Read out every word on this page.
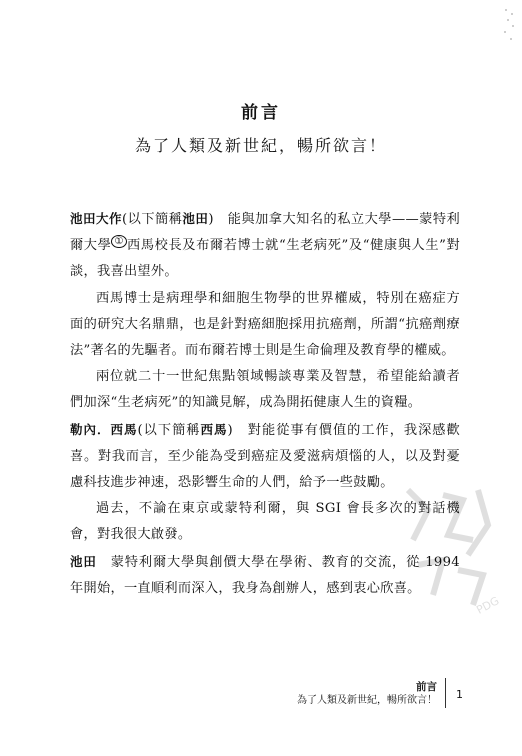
前言
為了人類及新世紀，暢所欲言！

池田大作(以下簡稱池田)　能與加拿大知名的私立大學——蒙特利爾大學 ① 西馬校長及布爾若博士就“生老病死”及“健康與人生”對談，我喜出望外。

西馬博士是病理學和細胞生物學的世界權威，特別在癌症方面的研究大名鼎鼎，也是針對癌細胞採用抗癌劑，所謂“抗癌劑療法”著名的先驅者。而布爾若博士則是生命倫理及教育學的權威。

兩位就二十一世紀焦點領域暢談專業及智慧，希望能給讀者們加深“生老病死”的知識見解，成為開拓健康人生的資糧。

勒內．西馬(以下簡稱西馬)　對能從事有價值的工作，我深感歡喜。對我而言，至少能為受到癌症及愛滋病煩惱的人，以及對憂慮科技進步神速，恐影響生命的人們，給予一些鼓勵。

過去，不論在東京或蒙特利爾，與 SGI 會長多次的對話機會，對我很大啟發。

池田　蒙特利爾大學與創價大學在學術、教育的交流，從 1994 年開始，一直順利而深入，我身為創辦人，感到衷心欣喜。

PDG
前言
為了人類及新世紀，暢所欲言！ 1
